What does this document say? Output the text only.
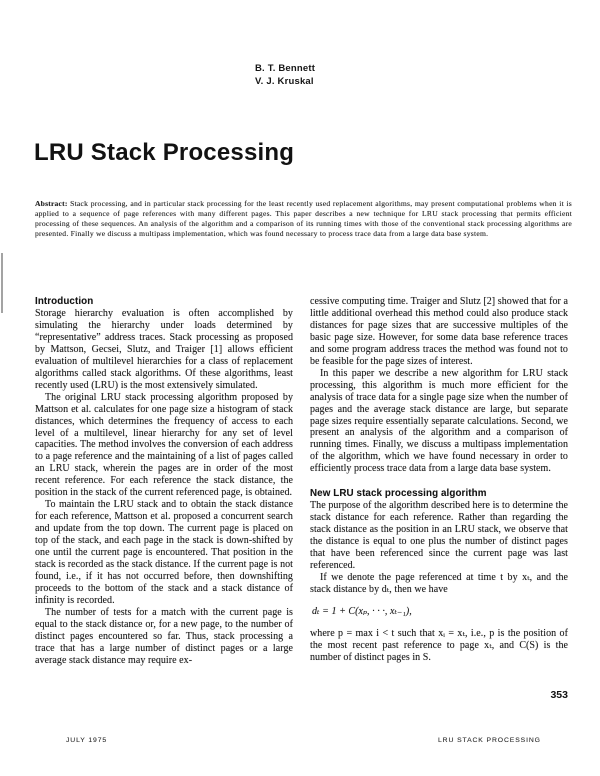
B. T. Bennett
V. J. Kruskal
LRU Stack Processing

Abstract: Stack processing, and in particular stack processing for the least recently used replacement algorithms, may present computational problems when it is applied to a sequence of page references with many different pages. This paper describes a new technique for LRU stack processing that permits efficient processing of these sequences. An analysis of the algorithm and a comparison of its running times with those of the conventional stack processing algorithms are presented. Finally we discuss a multipass implementation, which was found necessary to process trace data from a large data base system.

Introduction

Storage hierarchy evaluation is often accomplished by simulating the hierarchy under loads determined by “representative” address traces. Stack processing as proposed by Mattson, Gecsei, Slutz, and Traiger [1] allows efficient evaluation of multilevel hierarchies for a class of replacement algorithms called stack algorithms. Of these algorithms, least recently used (LRU) is the most extensively simulated.

The original LRU stack processing algorithm proposed by Mattson et al. calculates for one page size a histogram of stack distances, which determines the frequency of access to each level of a multilevel, linear hierarchy for any set of level capacities. The method involves the conversion of each address to a page reference and the maintaining of a list of pages called an LRU stack, wherein the pages are in order of the most recent reference. For each reference the stack distance, the position in the stack of the current referenced page, is obtained.

To maintain the LRU stack and to obtain the stack distance for each reference, Mattson et al. proposed a concurrent search and update from the top down. The current page is placed on top of the stack, and each page in the stack is down-shifted by one until the current page is encountered. That position in the stack is recorded as the stack distance. If the current page is not found, i.e., if it has not occurred before, then downshifting proceeds to the bottom of the stack and a stack distance of infinity is recorded.

The number of tests for a match with the current page is equal to the stack distance or, for a new page, to the number of distinct pages encountered so far. Thus, stack processing a trace that has a large number of distinct pages or a large average stack distance may require ex-

cessive computing time. Traiger and Slutz [2] showed that for a little additional overhead this method could also produce stack distances for page sizes that are successive multiples of the basic page size. However, for some data base reference traces and some program address traces the method was found not to be feasible for the page sizes of interest.

In this paper we describe a new algorithm for LRU stack processing, this algorithm is much more efficient for the analysis of trace data for a single page size when the number of pages and the average stack distance are large, but separate page sizes require essentially separate calculations. Second, we present an analysis of the algorithm and a comparison of running times. Finally, we discuss a multipass implementation of the algorithm, which we have found necessary in order to efficiently process trace data from a large data base system.

New LRU stack processing algorithm

The purpose of the algorithm described here is to determine the stack distance for each reference. Rather than regarding the stack distance as the position in an LRU stack, we observe that the distance is equal to one plus the number of distinct pages that have been referenced since the current page was last referenced.

If we denote the page referenced at time t by xₜ, and the stack distance by dₜ, then we have

dₜ = 1 + C(xₚ, · · ·, xₜ₋₁),

where p = max i < t such that xᵢ = xₜ, i.e., p is the position of the most recent past reference to page xₜ, and C(S) is the number of distinct pages in S.

353
JULY 1975	LRU STACK PROCESSING
